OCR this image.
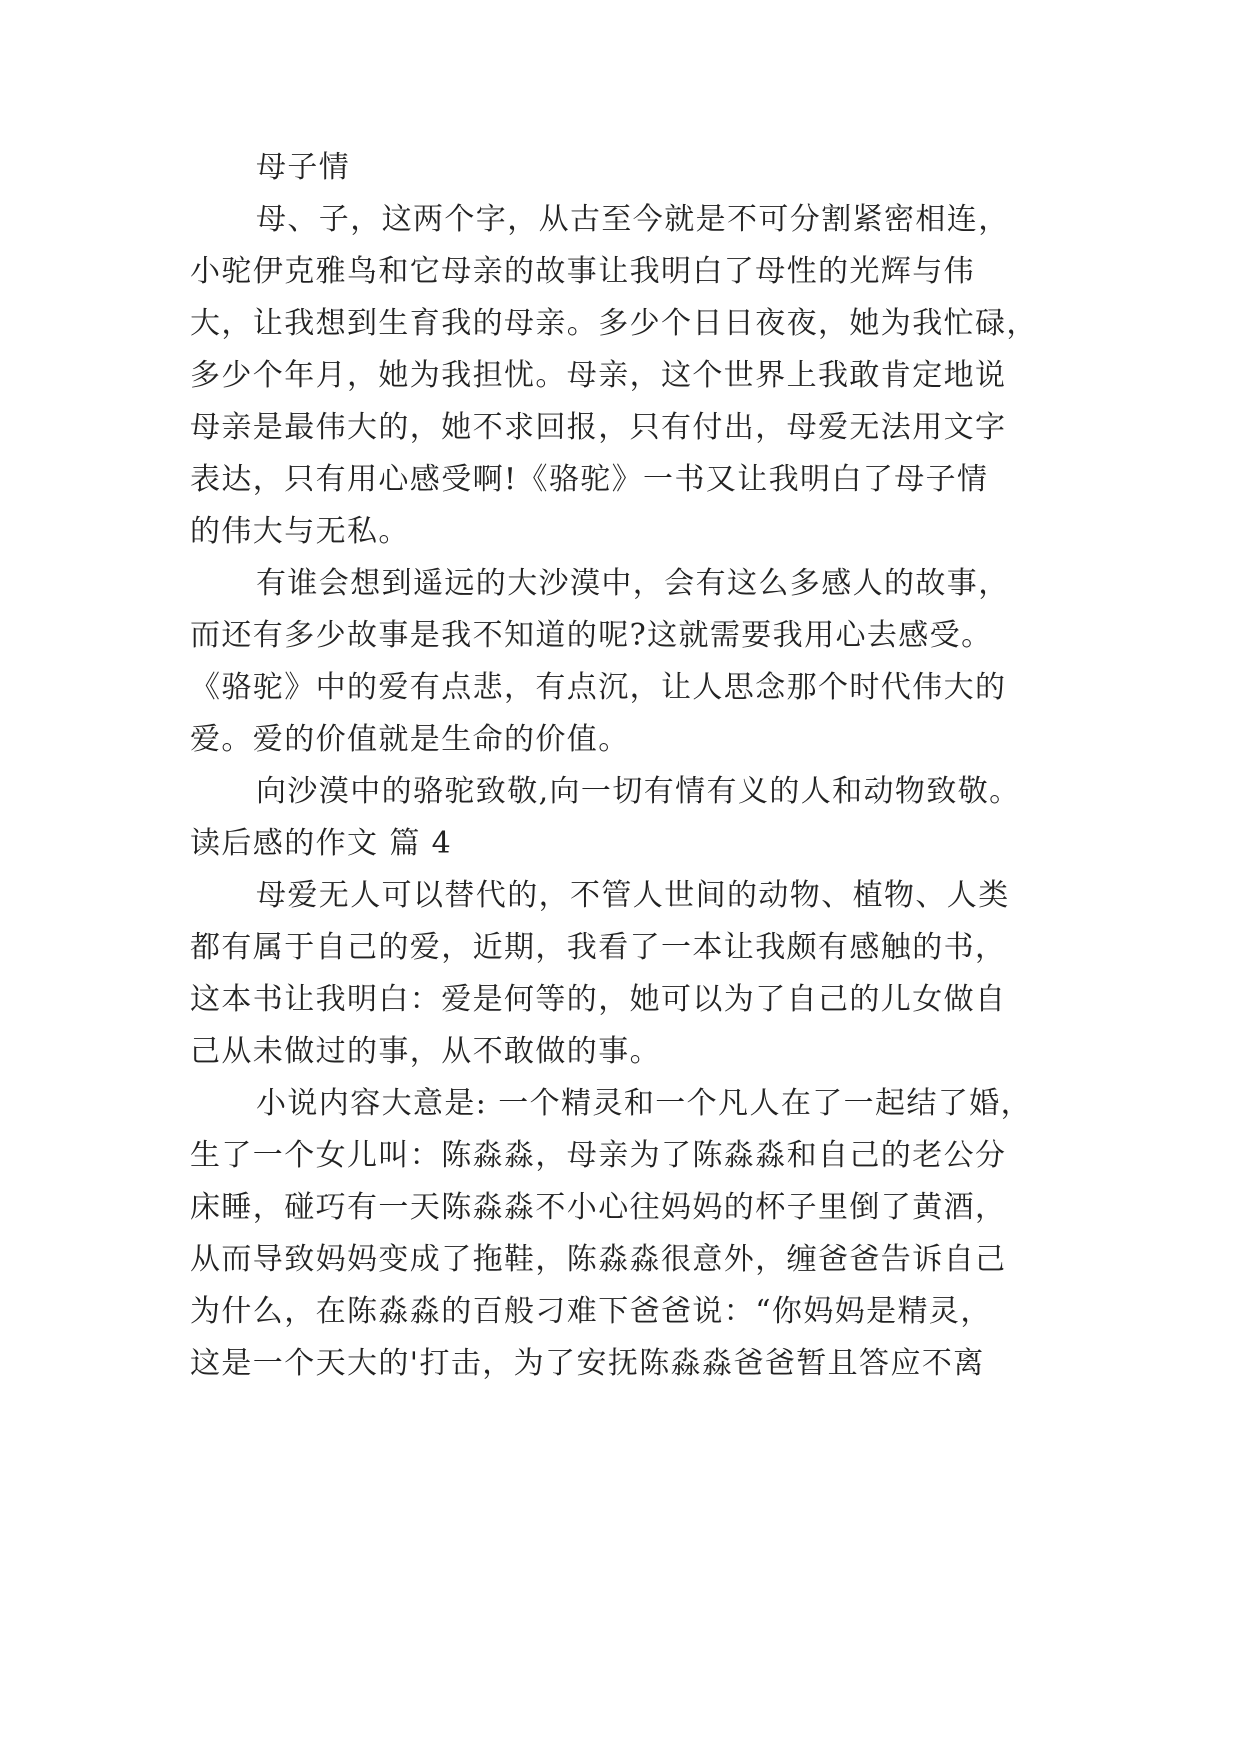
母子情
母、子，这两个字，从古至今就是不可分割紧密相连，
小驼伊克雅鸟和它母亲的故事让我明白了母性的光辉与伟
大，让我想到生育我的母亲。多少个日日夜夜，她为我忙碌，
多少个年月，她为我担忧。母亲，这个世界上我敢肯定地说
母亲是最伟大的，她不求回报，只有付出，母爱无法用文字
表达，只有用心感受啊!《骆驼》一书又让我明白了母子情
的伟大与无私。
有谁会想到遥远的大沙漠中，会有这么多感人的故事，
而还有多少故事是我不知道的呢?这就需要我用心去感受。
《骆驼》中的爱有点悲，有点沉，让人思念那个时代伟大的
爱。爱的价值就是生命的价值。
向沙漠中的骆驼致敬,向一切有情有义的人和动物致敬。
读后感的作文 篇 4
母爱无人可以替代的，不管人世间的动物、植物、人类
都有属于自己的爱，近期，我看了一本让我颇有感触的书，
这本书让我明白：爱是何等的，她可以为了自己的儿女做自
己从未做过的事，从不敢做的事。
小说内容大意是: 一个精灵和一个凡人在了一起结了婚，
生了一个女儿叫：陈淼淼，母亲为了陈淼淼和自己的老公分
床睡，碰巧有一天陈淼淼不小心往妈妈的杯子里倒了黄酒，
从而导致妈妈变成了拖鞋，陈淼淼很意外，缠爸爸告诉自己
为什么，在陈淼淼的百般刁难下爸爸说：“你妈妈是精灵，
这是一个天大的'打击，为了安抚陈淼淼爸爸暂且答应不离
